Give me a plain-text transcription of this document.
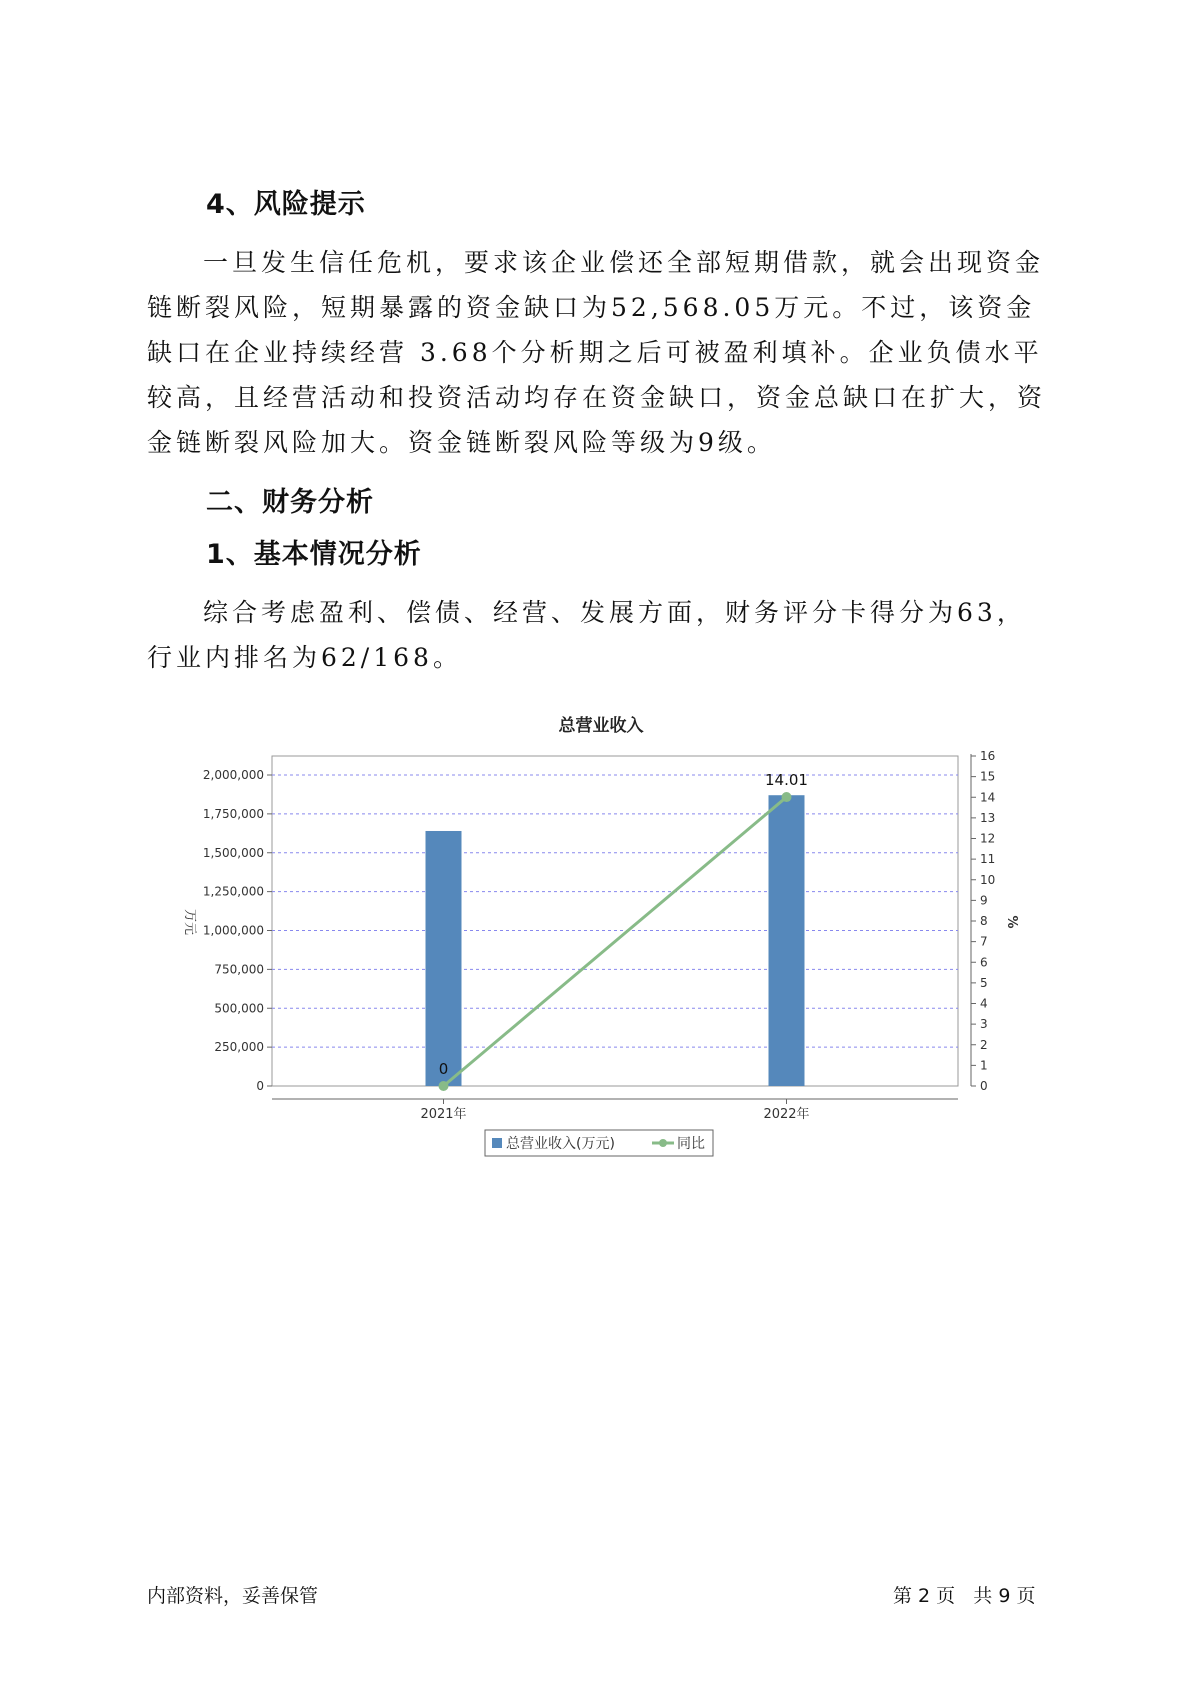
4、风险提示

一旦发生信任危机，要求该企业偿还全部短期借款，就会出现资金链断裂风险，短期暴露的资金缺口为52,568.05万元。不过，该资金缺口在企业持续经营 3.68个分析期之后可被盈利填补。企业负债水平较高，且经营活动和投资活动均存在资金缺口，资金总缺口在扩大，资金链断裂风险加大。资金链断裂风险等级为9级。

二、财务分析
1、基本情况分析

综合考虑盈利、偿债、经营、发展方面，财务评分卡得分为63，行业内排名为62/168。

总营业收入
0
250,000
500,000
750,000
1,000,000
1,250,000
1,500,000
1,750,000
2,000,000
0
1
2
3
4
5
6
7
8
9
10
11
12
13
14
15
16
万元	%
2021年	2022年
0
14.01
总营业收入(万元)	同比
内部资料，妥善保管	第 2 页   共 9 页
